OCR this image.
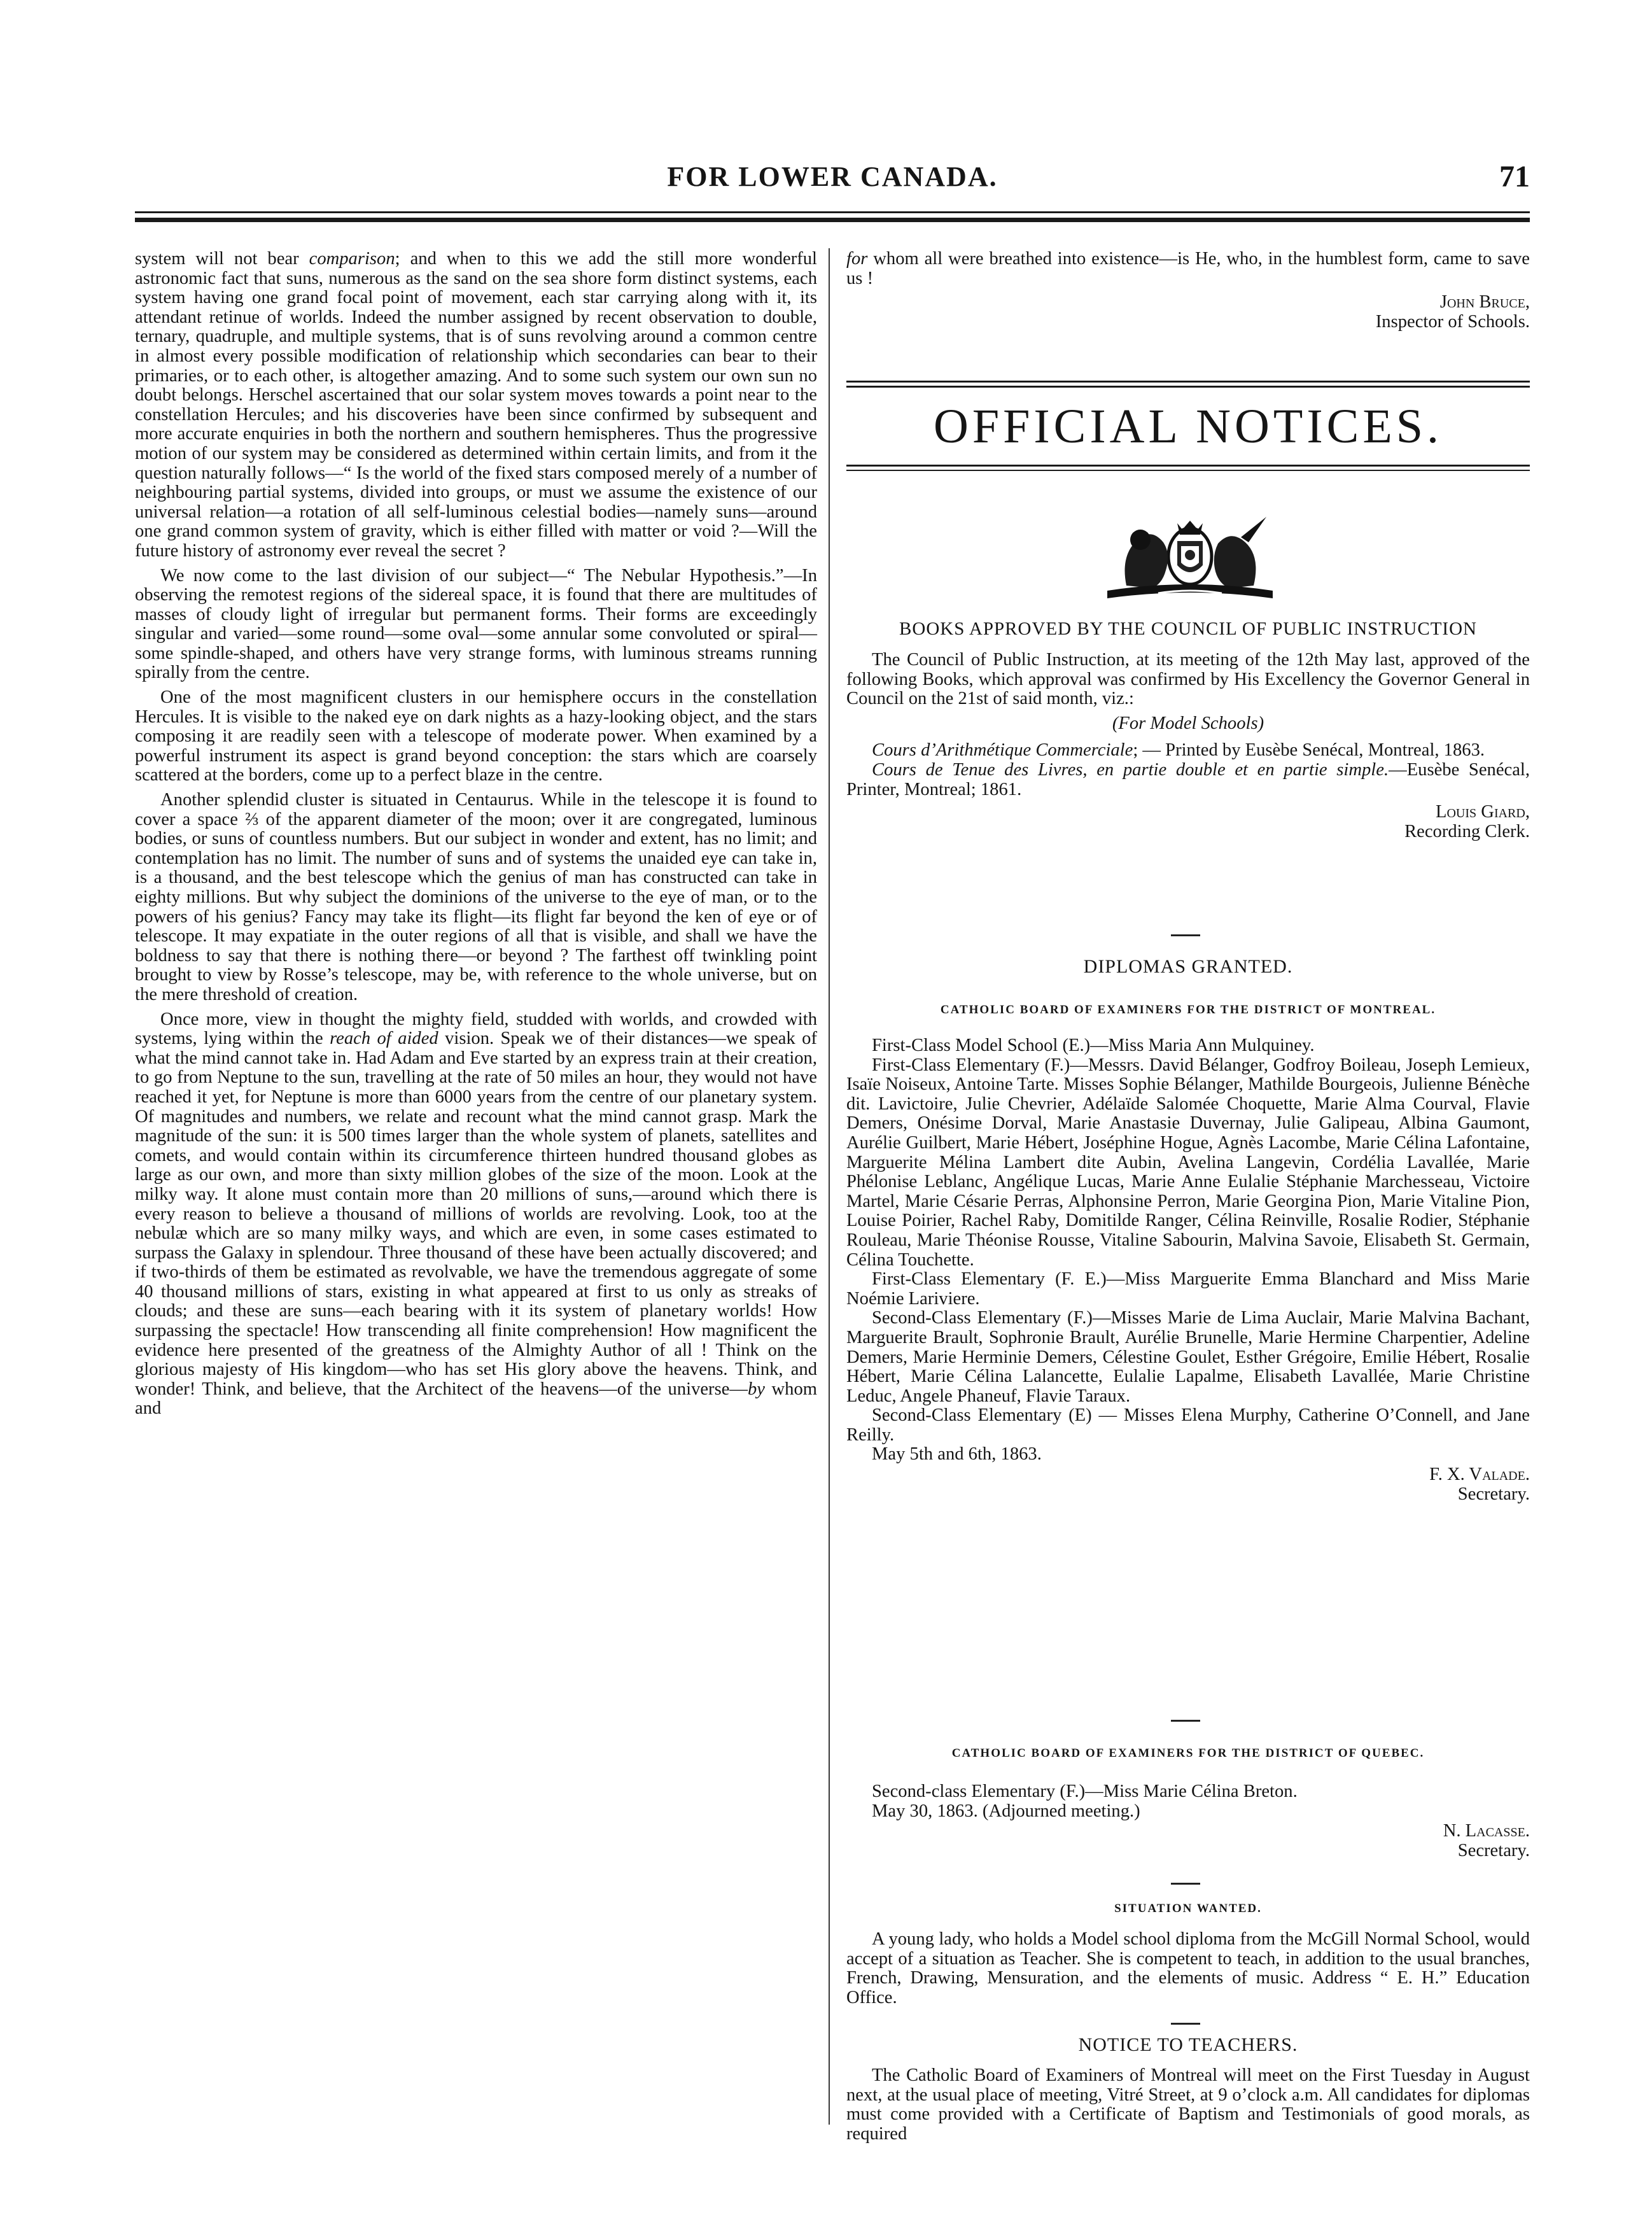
FOR LOWER CANADA.	71

system will not bear comparison; and when to this we add the still more wonderful astronomic fact that suns, numerous as the sand on the sea shore form distinct systems, each system having one grand focal point of movement, each star carrying along with it, its attendant retinue of worlds. Indeed the number assigned by recent observation to double, ternary, quadruple, and multiple systems, that is of suns revolving around a common centre in almost every possible modification of relationship which secondaries can bear to their primaries, or to each other, is altogether amazing. And to some such system our own sun no doubt belongs. Herschel ascertained that our solar system moves towards a point near to the constellation Hercules; and his discoveries have been since confirmed by subsequent and more accurate enquiries in both the northern and southern hemispheres. Thus the progressive motion of our system may be considered as determined within certain limits, and from it the question naturally follows—“ Is the world of the fixed stars composed merely of a number of neighbouring partial systems, divided into groups, or must we assume the existence of our universal relation—a rotation of all self-luminous celestial bodies—namely suns—around one grand common system of gravity, which is either filled with matter or void ?—Will the future history of astronomy ever reveal the secret ?

We now come to the last division of our subject—“ The Nebular Hypothesis.”—In observing the remotest regions of the sidereal space, it is found that there are multitudes of masses of cloudy light of irregular but permanent forms. Their forms are exceedingly singular and varied—some round—some oval—some annular some convoluted or spiral—some spindle-shaped, and others have very strange forms, with luminous streams running spirally from the centre.

One of the most magnificent clusters in our hemisphere occurs in the constellation Hercules. It is visible to the naked eye on dark nights as a hazy-looking object, and the stars composing it are readily seen with a telescope of moderate power. When examined by a powerful instrument its aspect is grand beyond conception: the stars which are coarsely scattered at the borders, come up to a perfect blaze in the centre.

Another splendid cluster is situated in Centaurus. While in the telescope it is found to cover a space ⅔ of the apparent diameter of the moon; over it are congregated, luminous bodies, or suns of countless numbers. But our subject in wonder and extent, has no limit; and contemplation has no limit. The number of suns and of systems the unaided eye can take in, is a thousand, and the best telescope which the genius of man has constructed can take in eighty millions. But why subject the dominions of the universe to the eye of man, or to the powers of his genius? Fancy may take its flight—its flight far beyond the ken of eye or of telescope. It may expatiate in the outer regions of all that is visible, and shall we have the boldness to say that there is nothing there—or beyond ? The farthest off twinkling point brought to view by Rosse’s telescope, may be, with reference to the whole universe, but on the mere threshold of creation.

Once more, view in thought the mighty field, studded with worlds, and crowded with systems, lying within the reach of aided vision. Speak we of their distances—we speak of what the mind cannot take in. Had Adam and Eve started by an express train at their creation, to go from Neptune to the sun, travelling at the rate of 50 miles an hour, they would not have reached it yet, for Neptune is more than 6000 years from the centre of our planetary system. Of magnitudes and numbers, we relate and recount what the mind cannot grasp. Mark the magnitude of the sun: it is 500 times larger than the whole system of planets, satellites and comets, and would contain within its circumference thirteen hundred thousand globes as large as our own, and more than sixty million globes of the size of the moon. Look at the milky way. It alone must contain more than 20 millions of suns,—around which there is every reason to believe a thousand of millions of worlds are revolving. Look, too at the nebulæ which are so many milky ways, and which are even, in some cases estimated to surpass the Galaxy in splendour. Three thousand of these have been actually discovered; and if two-thirds of them be estimated as revolvable, we have the tremendous aggregate of some 40 thousand millions of stars, existing in what appeared at first to us only as streaks of clouds; and these are suns—each bearing with it its system of planetary worlds! How surpassing the spectacle! How transcending all finite comprehension! How magnificent the evidence here presented of the greatness of the Almighty Author of all ! Think on the glorious majesty of His kingdom—who has set His glory above the heavens. Think, and wonder! Think, and believe, that the Architect of the heavens—of the universe—by whom and

for whom all were breathed into existence—is He, who, in the humblest form, came to save us !

John Bruce,
Inspector of Schools.
OFFICIAL NOTICES.
BOOKS APPROVED BY THE COUNCIL OF PUBLIC INSTRUCTION

The Council of Public Instruction, at its meeting of the 12th May last, approved of the following Books, which approval was confirmed by His Excellency the Governor General in Council on the 21st of said month, viz.:

(For Model Schools)

Cours d’Arithmétique Commerciale; — Printed by Eusèbe Senécal, Montreal, 1863.

Cours de Tenue des Livres, en partie double et en partie simple.—Eusèbe Senécal, Printer, Montreal; 1861.

Louis Giard,
Recording Clerk.
DIPLOMAS GRANTED.
CATHOLIC BOARD OF EXAMINERS FOR THE DISTRICT OF MONTREAL.

First-Class Model School (E.)—Miss Maria Ann Mulquiney.

First-Class Elementary (F.)—Messrs. David Bélanger, Godfroy Boileau, Joseph Lemieux, Isaïe Noiseux, Antoine Tarte. Misses Sophie Bélanger, Mathilde Bourgeois, Julienne Bénèche dit. Lavictoire, Julie Chevrier, Adélaïde Salomée Choquette, Marie Alma Courval, Flavie Demers, Onésime Dorval, Marie Anastasie Duvernay, Julie Galipeau, Albina Gaumont, Aurélie Guilbert, Marie Hébert, Joséphine Hogue, Agnès Lacombe, Marie Célina Lafontaine, Marguerite Mélina Lambert dite Aubin, Avelina Langevin, Cordélia Lavallée, Marie Phélonise Leblanc, Angélique Lucas, Marie Anne Eulalie Stéphanie Marchesseau, Victoire Martel, Marie Césarie Perras, Alphonsine Perron, Marie Georgina Pion, Marie Vitaline Pion, Louise Poirier, Rachel Raby, Domitilde Ranger, Célina Reinville, Rosalie Rodier, Stéphanie Rouleau, Marie Théonise Rousse, Vitaline Sabourin, Malvina Savoie, Elisabeth St. Germain, Célina Touchette.

First-Class Elementary (F. E.)—Miss Marguerite Emma Blanchard and Miss Marie Noémie Lariviere.

Second-Class Elementary (F.)—Misses Marie de Lima Auclair, Marie Malvina Bachant, Marguerite Brault, Sophronie Brault, Aurélie Brunelle, Marie Hermine Charpentier, Adeline Demers, Marie Herminie Demers, Célestine Goulet, Esther Grégoire, Emilie Hébert, Rosalie Hébert, Marie Célina Lalancette, Eulalie Lapalme, Elisabeth Lavallée, Marie Christine Leduc, Angele Phaneuf, Flavie Taraux.

Second-Class Elementary (E) — Misses Elena Murphy, Catherine O’Connell, and Jane Reilly.

May 5th and 6th, 1863.

F. X. Valade.
Secretary.
CATHOLIC BOARD OF EXAMINERS FOR THE DISTRICT OF QUEBEC.

Second-class Elementary (F.)—Miss Marie Célina Breton.

May 30, 1863. (Adjourned meeting.)

N. Lacasse.
Secretary.
SITUATION WANTED.

A young lady, who holds a Model school diploma from the McGill Normal School, would accept of a situation as Teacher. She is competent to teach, in addition to the usual branches, French, Drawing, Mensuration, and the elements of music. Address “ E. H.” Education Office.

NOTICE TO TEACHERS.

The Catholic Board of Examiners of Montreal will meet on the First Tuesday in August next, at the usual place of meeting, Vitré Street, at 9 o’clock a.m. All candidates for diplomas must come provided with a Certificate of Baptism and Testimonials of good morals, as required
